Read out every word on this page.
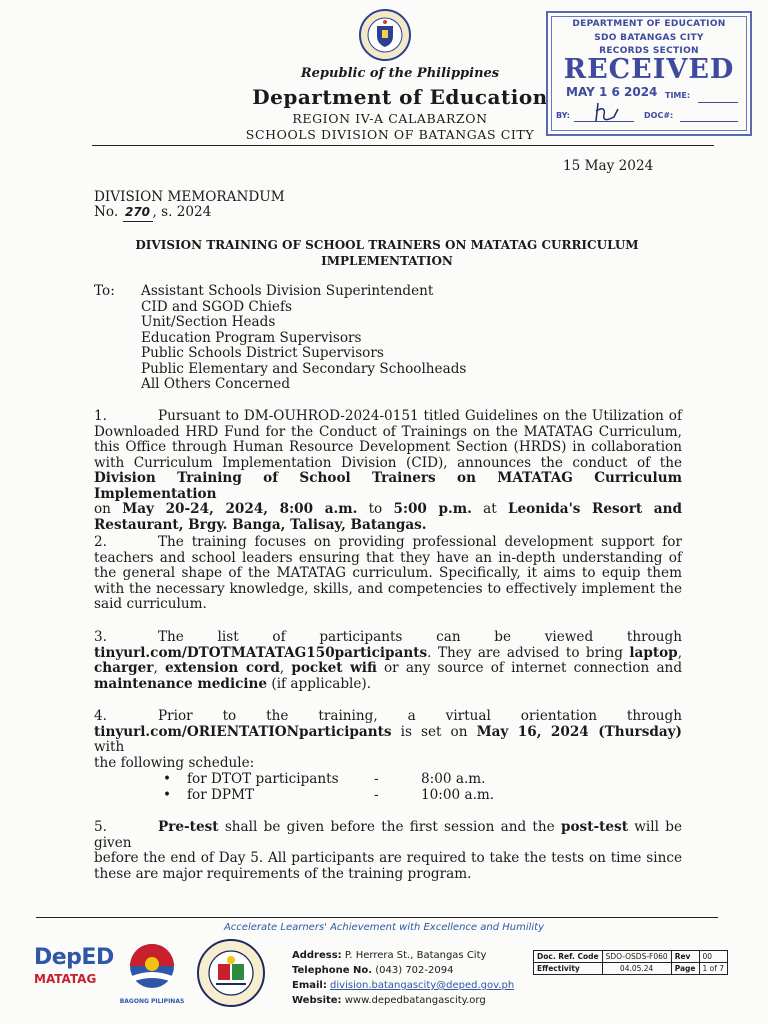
Republic of the Philippines
Department of Education
REGION IV-A CALABARZON
SCHOOLS DIVISION OF BATANGAS CITY
DEPARTMENT OF EDUCATION
SDO BATANGAS CITY
RECORDS SECTION
RECEIVED
MAY 1 6 2024 TIME:
BY:	DOC#:
15 May 2024
DIVISION MEMORANDUM
No. 270 , s. 2024
DIVISION TRAINING OF SCHOOL TRAINERS ON MATATAG CURRICULUM
IMPLEMENTATION
To: Assistant Schools Division Superintendent
CID and SGOD Chiefs
Unit/Section Heads
Education Program Supervisors
Public Schools District Supervisors
Public Elementary and Secondary Schoolheads
All Others Concerned
1.	Pursuant to DM-OUHROD-2024-0151 titled Guidelines on the Utilization of
Downloaded HRD Fund for the Conduct of Trainings on the MATATAG Curriculum,
this Office through Human Resource Development Section (HRDS) in collaboration
with Curriculum Implementation Division (CID), announces the conduct of the
Division Training of School Trainers on MATATAG Curriculum Implementation
on May 20-24, 2024, 8:00 a.m. to 5:00 p.m. at Leonida's Resort and
Restaurant, Brgy. Banga, Talisay, Batangas.
2.	The training focuses on providing professional development support for
teachers and school leaders ensuring that they have an in-depth understanding of
the general shape of the MATATAG curriculum. Specifically, it aims to equip them
with the necessary knowledge, skills, and competencies to effectively implement the
said curriculum.
3.	The list of participants can be viewed through
tinyurl.com/DTOTMATATAG150participants. They are advised to bring laptop,
charger, extension cord, pocket wifi or any source of internet connection and
maintenance medicine (if applicable).
4.	Prior to the training, a virtual orientation through
tinyurl.com/ORIENTATIONparticipants is set on May 16, 2024 (Thursday) with
the following schedule:
• for DTOT participants	-	8:00 a.m.
• for DPMT	-	10:00 a.m.
5.	Pre-test shall be given before the first session and the post-test will be given
before the end of Day 5. All participants are required to take the tests on time since
these are major requirements of the training program.
Accelerate Learners' Achievement with Excellence and Humility
DepED
MATATAG
BAGONG PILIPINAS
Address: P. Herrera St., Batangas City
Telephone No. (043) 702-2094
Email: division.batangascity@deped.gov.ph
Website: www.depedbatangascity.org
Doc. Ref. Code	SDO-OSDS-F060	Rev	00
Effectivity	04.05.24	Page	1 of 7
